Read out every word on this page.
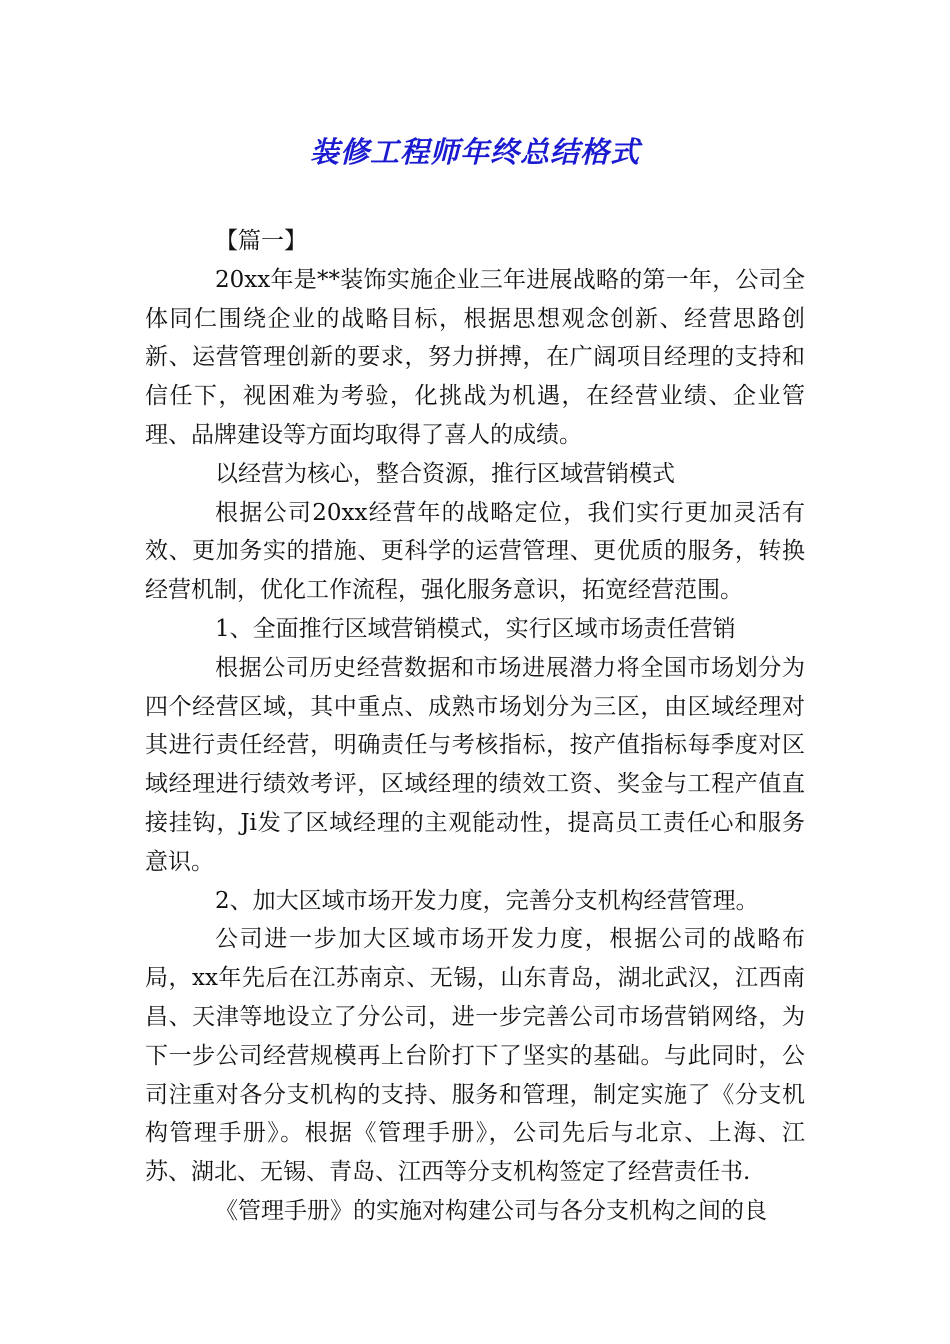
装修工程师年终总结格式

【篇一】

20xx年是**装饰实施企业三年进展战略的第一年，公司全体同仁围绕企业的战略目标，根据思想观念创新、经营思路创新、运营管理创新的要求，努力拼搏，在广阔项目经理的支持和信任下，视困难为考验，化挑战为机遇，在经营业绩、企业管理、品牌建设等方面均取得了喜人的成绩。

以经营为核心，整合资源，推行区域营销模式

根据公司20xx经营年的战略定位，我们实行更加灵活有效、更加务实的措施、更科学的运营管理、更优质的服务，转换经营机制，优化工作流程，强化服务意识，拓宽经营范围。

1、全面推行区域营销模式，实行区域市场责任营销

根据公司历史经营数据和市场进展潜力将全国市场划分为四个经营区域，其中重点、成熟市场划分为三区，由区域经理对其进行责任经营，明确责任与考核指标，按产值指标每季度对区域经理进行绩效考评，区域经理的绩效工资、奖金与工程产值直接挂钩，Ji发了区域经理的主观能动性，提高员工责任心和服务意识。

2、加大区域市场开发力度，完善分支机构经营管理。

公司进一步加大区域市场开发力度，根据公司的战略布局，xx年先后在江苏南京、无锡，山东青岛，湖北武汉，江西南昌、天津等地设立了分公司，进一步完善公司市场营销网络，为下一步公司经营规模再上台阶打下了坚实的基础。与此同时，公司注重对各分支机构的支持、服务和管理，制定实施了《分支机构管理手册》。根据《管理手册》，公司先后与北京、上海、江苏、湖北、无锡、青岛、江西等分支机构签定了经营责任书.

《管理手册》的实施对构建公司与各分支机构之间的良
